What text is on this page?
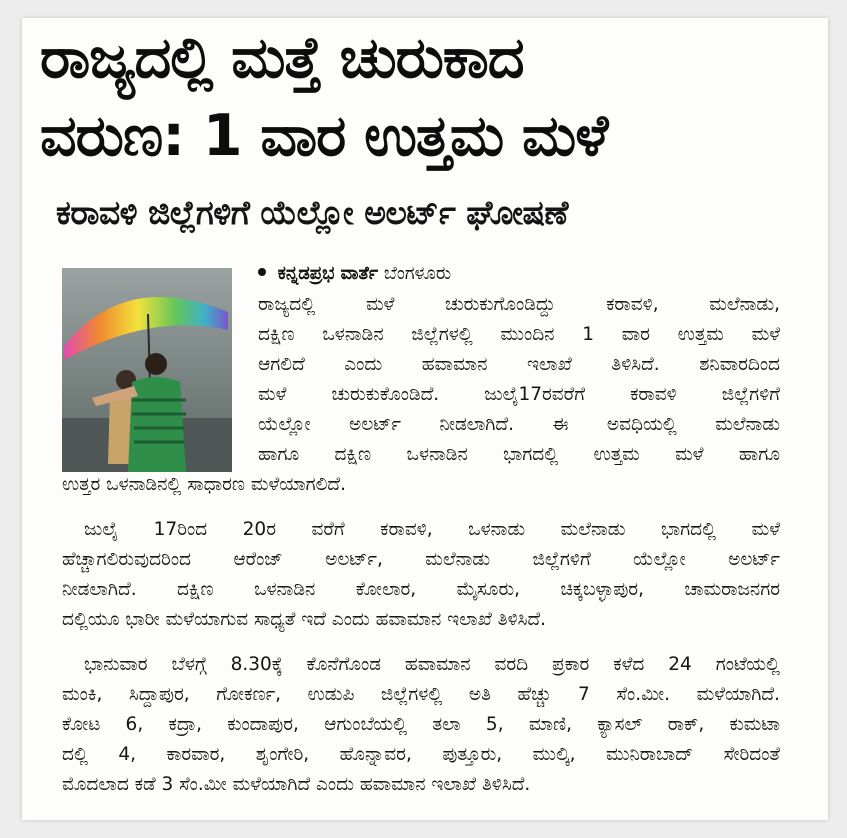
ರಾಜ್ಯದಲ್ಲಿ ಮತ್ತೆ ಚುರುಕಾದ
ವರುಣ: 1 ವಾರ ಉತ್ತಮ ಮಳೆ
ಕರಾವಳಿ ಜಿಲ್ಲೆಗಳಿಗೆ ಯೆಲ್ಲೋ ಅಲರ್ಟ್ ಘೋಷಣೆ
ಕನ್ನಡಪ್ರಭ ವಾರ್ತೆ ಬೆಂಗಳೂರು
ರಾಜ್ಯದಲ್ಲಿ ಮಳೆ ಚುರುಕುಗೊಂಡಿದ್ದು ಕರಾವಳಿ, ಮಲೆನಾಡು,
ದಕ್ಷಿಣ ಒಳನಾಡಿನ ಜಿಲ್ಲೆಗಳಲ್ಲಿ ಮುಂದಿನ 1 ವಾರ ಉತ್ತಮ ಮಳೆ
ಆಗಲಿದೆ ಎಂದು ಹವಾಮಾನ ಇಲಾಖೆ ತಿಳಿಸಿದೆ. ಶನಿವಾರದಿಂದ
ಮಳೆ ಚುರುಕುಕೊಂಡಿದೆ. ಜುಲೈ17ರವರೆಗೆ ಕರಾವಳಿ ಜಿಲ್ಲೆಗಳಿಗೆ
ಯೆಲ್ಲೋ ಅಲರ್ಟ್ ನೀಡಲಾಗಿದೆ. ಈ ಅವಧಿಯಲ್ಲಿ ಮಲೆನಾಡು
ಹಾಗೂ ದಕ್ಷಿಣ ಒಳನಾಡಿನ ಭಾಗದಲ್ಲಿ ಉತ್ತಮ ಮಳೆ ಹಾಗೂ
ಉತ್ತರ ಒಳನಾಡಿನಲ್ಲಿ ಸಾಧಾರಣ ಮಳೆಯಾಗಲಿದೆ.
ಜುಲೈ 17ರಿಂದ 20ರ ವರೆಗೆ ಕರಾವಳಿ, ಒಳನಾಡು ಮಲೆನಾಡು ಭಾಗದಲ್ಲಿ ಮಳೆ
ಹೆಚ್ಚಾಗಲಿರುವುದರಿಂದ ಆರೆಂಜ್ ಅಲರ್ಟ್, ಮಲೆನಾಡು ಜಿಲ್ಲೆಗಳಿಗೆ ಯೆಲ್ಲೋ ಅಲರ್ಟ್
ನೀಡಲಾಗಿದೆ. ದಕ್ಷಿಣ ಒಳನಾಡಿನ ಕೋಲಾರ, ಮೈಸೂರು, ಚಿಕ್ಕಬಳ್ಳಾಪುರ, ಚಾಮರಾಜನಗರ
ದಲ್ಲಿಯೂ ಭಾರೀ ಮಳೆಯಾಗುವ ಸಾಧ್ಯತೆ ಇದೆ ಎಂದು ಹವಾಮಾನ ಇಲಾಖೆ ತಿಳಿಸಿದೆ.
ಭಾನುವಾರ ಬೆಳಗ್ಗೆ 8.30ಕ್ಕೆ ಕೊನೆಗೊಂಡ ಹವಾಮಾನ ವರದಿ ಪ್ರಕಾರ ಕಳೆದ 24 ಗಂಟೆಯಲ್ಲಿ
ಮಂಕಿ, ಸಿದ್ದಾಪುರ, ಗೋಕರ್ಣ, ಉಡುಪಿ ಜಿಲ್ಲೆಗಳಲ್ಲಿ ಅತಿ ಹೆಚ್ಚು 7 ಸೆಂ.ಮೀ. ಮಳೆಯಾಗಿದೆ.
ಕೋಟ 6, ಕದ್ರಾ, ಕುಂದಾಪುರ, ಆಗುಂಬೆಯಲ್ಲಿ ತಲಾ 5, ಮಾಣಿ, ಕ್ಯಾಸಲ್ ರಾಕ್, ಕುಮಟಾ
ದಲ್ಲಿ 4, ಕಾರವಾರ, ಶೃಂಗೇರಿ, ಹೊನ್ನಾವರ, ಪುತ್ತೂರು, ಮುಲ್ಕಿ, ಮುನಿರಾಬಾದ್ ಸೇರಿದಂತೆ
ಮೊದಲಾದ ಕಡೆ 3 ಸೆಂ.ಮೀ ಮಳೆಯಾಗಿದೆ ಎಂದು ಹವಾಮಾನ ಇಲಾಖೆ ತಿಳಿಸಿದೆ.
